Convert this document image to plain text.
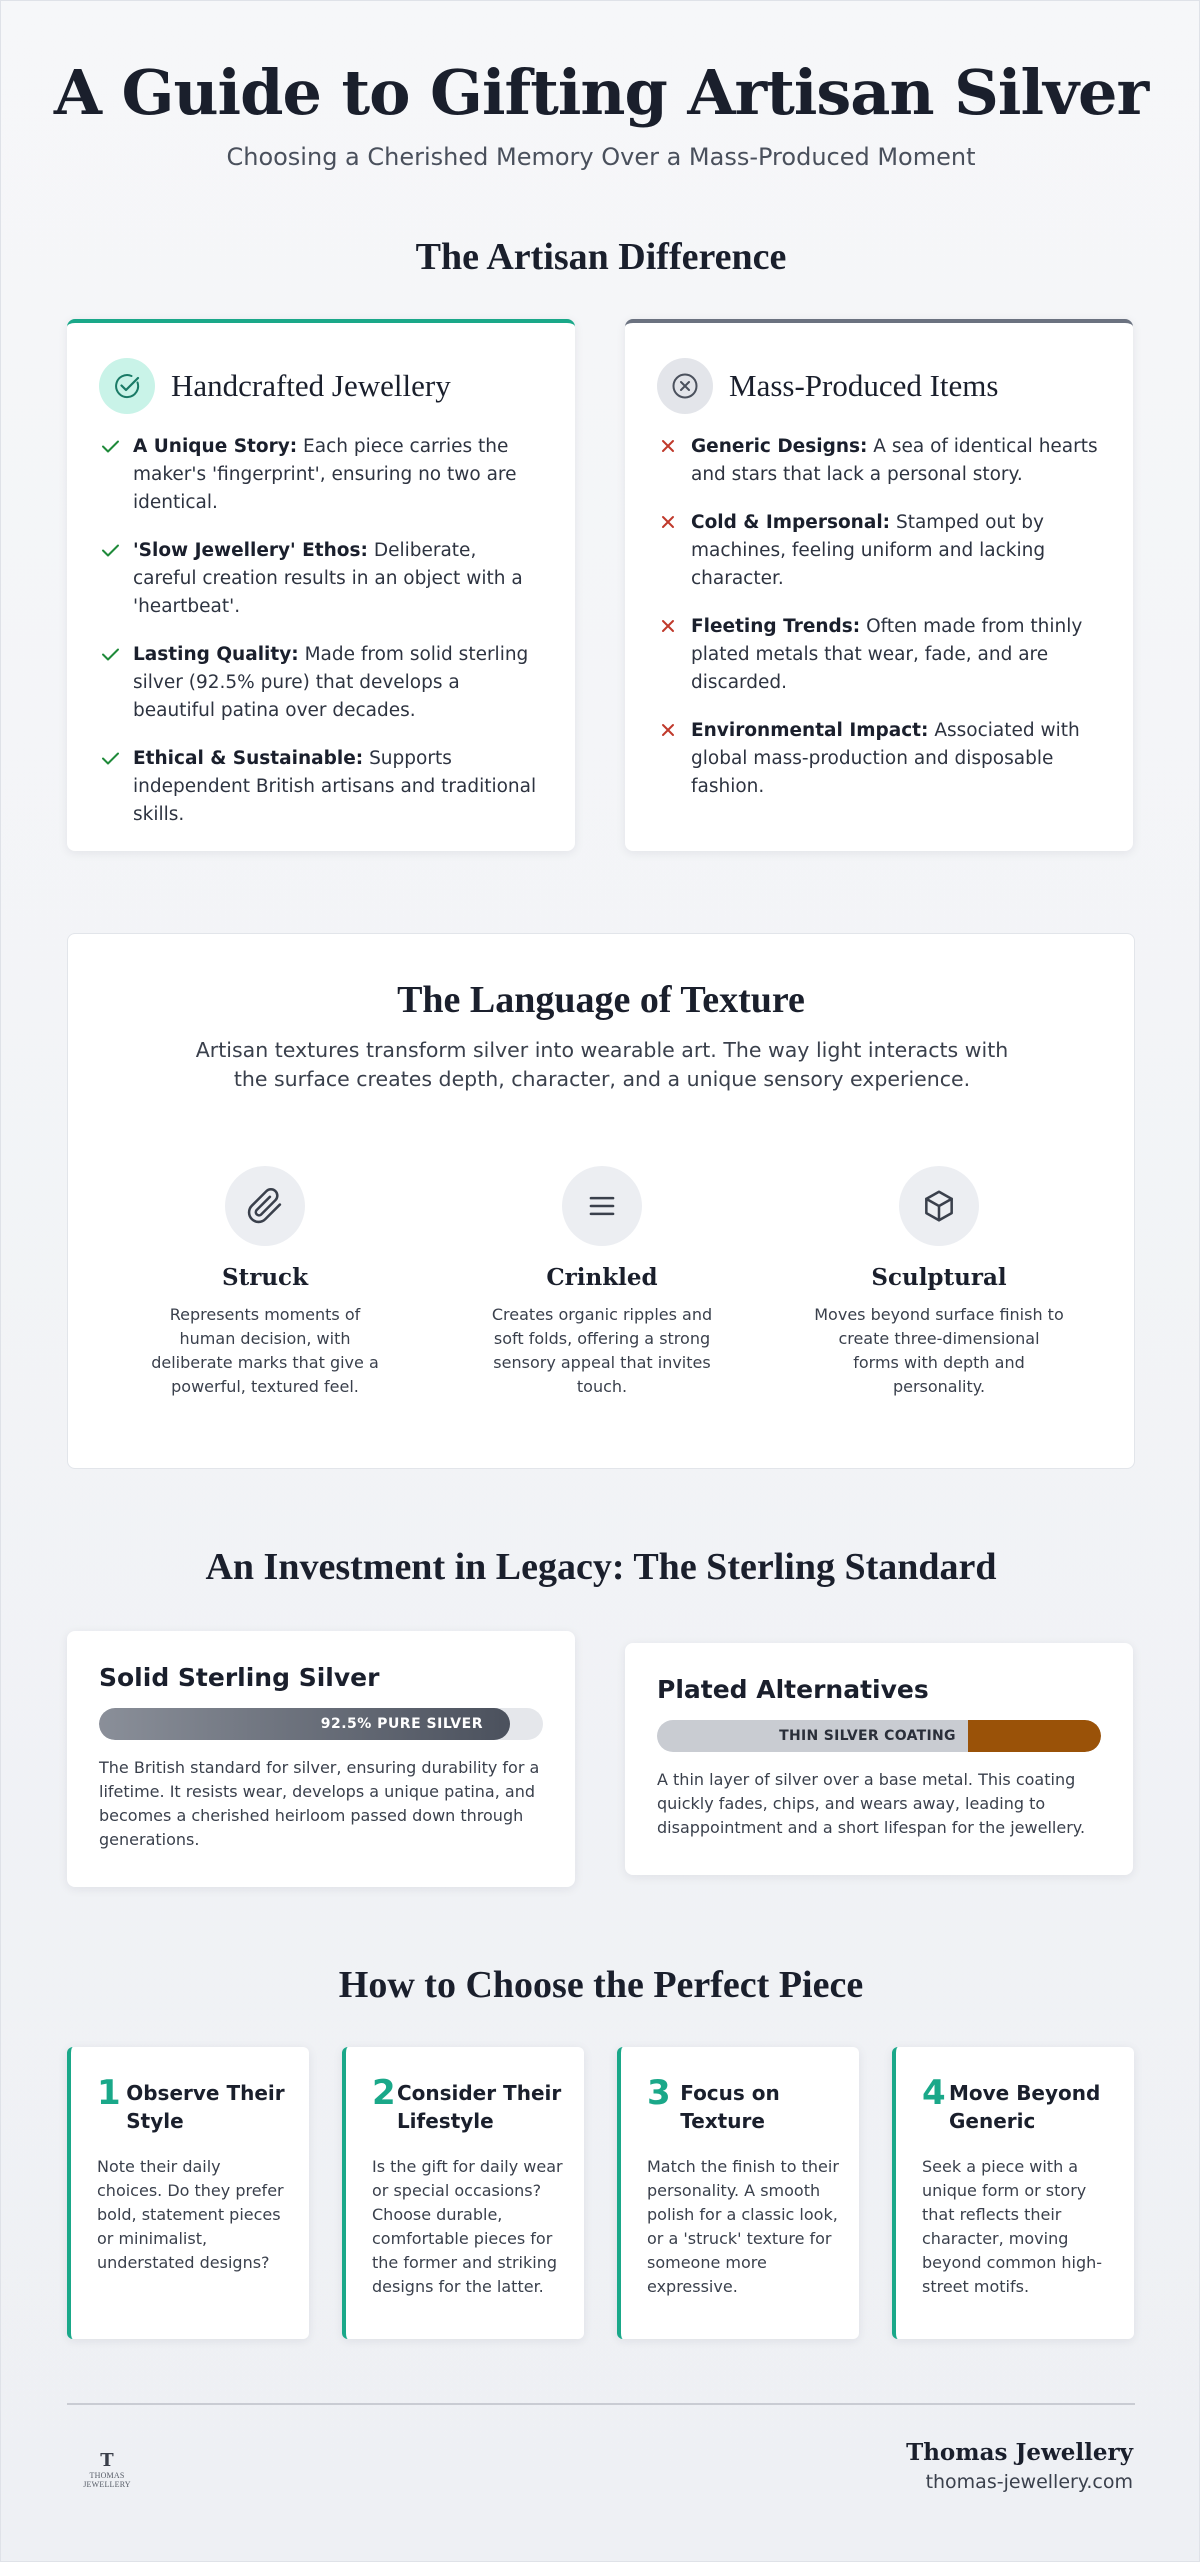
A Guide to Gifting Artisan Silver
Choosing a Cherished Memory Over a Mass-Produced Moment
The Artisan Difference
Handcrafted Jewellery
A Unique Story: Each piece carries the maker's 'fingerprint', ensuring no two are identical.
'Slow Jewellery' Ethos: Deliberate, careful creation results in an object with a 'heartbeat'.
Lasting Quality: Made from solid sterling silver (92.5% pure) that develops a beautiful patina over decades.
Ethical & Sustainable: Supports independent British artisans and traditional skills.
Mass-Produced Items
Generic Designs: A sea of identical hearts and stars that lack a personal story.
Cold & Impersonal: Stamped out by machines, feeling uniform and lacking character.
Fleeting Trends: Often made from thinly plated metals that wear, fade, and are discarded.
Environmental Impact: Associated with global mass-production and disposable fashion.
The Language of Texture

Artisan textures transform silver into wearable art. The way light interacts with the surface creates depth, character, and a unique sensory experience.

Struck
Represents moments of human decision, with deliberate marks that give a powerful, textured feel.
Crinkled
Creates organic ripples and soft folds, offering a strong sensory appeal that invites touch.
Sculptural
Moves beyond surface finish to create three-dimensional forms with depth and personality.
An Investment in Legacy: The Sterling Standard
Solid Sterling Silver
92.5% PURE SILVER

The British standard for silver, ensuring durability for a lifetime. It resists wear, develops a unique patina, and becomes a cherished heirloom passed down through generations.

Plated Alternatives
THIN SILVER COATING

A thin layer of silver over a base metal. This coating quickly fades, chips, and wears away, leading to disappointment and a short lifespan for the jewellery.

How to Choose the Perfect Piece
1 Observe Their Style

Note their daily choices. Do they prefer bold, statement pieces or minimalist, understated designs?

2 Consider Their Lifestyle

Is the gift for daily wear or special occasions? Choose durable, comfortable pieces for the former and striking designs for the latter.

3 Focus on Texture

Match the finish to their personality. A smooth polish for a classic look, or a 'struck' texture for someone more expressive.

4 Move Beyond Generic

Seek a piece with a unique form or story that reflects their character, moving beyond common high-street motifs.

T
THOMAS JEWELLERY
Thomas Jewellery
thomas-jewellery.com
